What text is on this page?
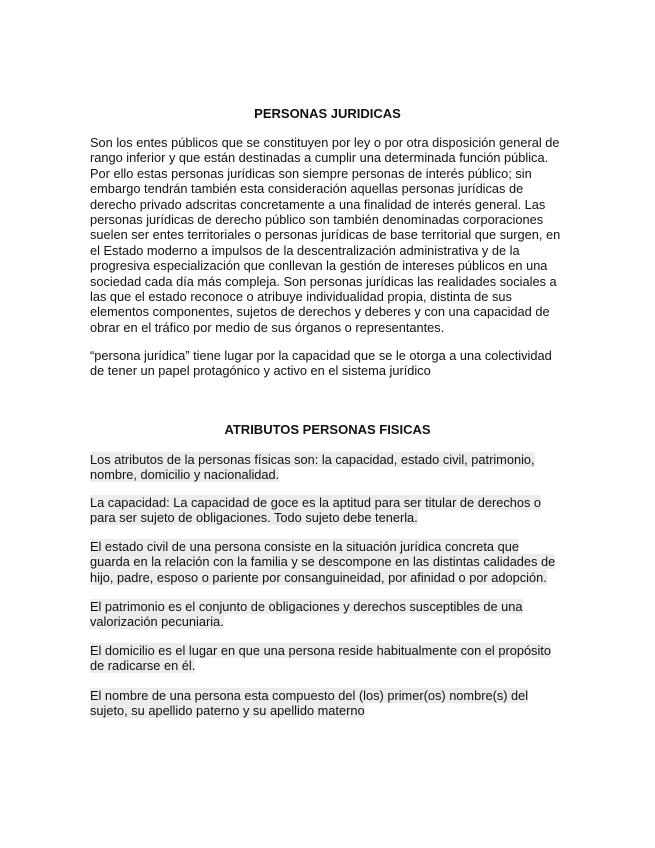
PERSONAS JURIDICAS
Son los entes públicos que se constituyen por ley o por otra disposición general de
rango inferior y que están destinadas a cumplir una determinada función pública.
Por ello estas personas jurídicas son siempre personas de interés público; sin
embargo tendrán también esta consideración aquellas personas jurídicas de
derecho privado adscritas concretamente a una finalidad de interés general. Las
personas jurídicas de derecho público son también denominadas corporaciones
suelen ser entes territoriales o personas jurídicas de base territorial que surgen, en
el Estado moderno a impulsos de la descentralización administrativa y de la
progresiva especialización que conllevan la gestión de intereses públicos en una
sociedad cada día más compleja. Son personas jurídicas las realidades sociales a
las que el estado reconoce o atribuye individualidad propia, distinta de sus
elementos componentes, sujetos de derechos y deberes y con una capacidad de
obrar en el tráfico por medio de sus órganos o representantes.
“persona jurídica” tiene lugar por la capacidad que se le otorga a una colectividad
de tener un papel protagónico y activo en el sistema jurídico
ATRIBUTOS PERSONAS FISICAS
Los atributos de la personas físicas son: la capacidad, estado civil, patrimonio,
nombre, domicilio y nacionalidad.
La capacidad: La capacidad de goce es la aptitud para ser titular de derechos o
para ser sujeto de obligaciones. Todo sujeto debe tenerla.
El estado civil de una persona consiste en la situación jurídica concreta que
guarda en la relación con la familia y se descompone en las distintas calidades de
hijo, padre, esposo o pariente por consanguineidad, por afinidad o por adopción.
El patrimonio es el conjunto de obligaciones y derechos susceptibles de una
valorización pecuniaria.
El domicilio es el lugar en que una persona reside habitualmente con el propósito
de radicarse en él.
El nombre de una persona esta compuesto del (los) primer(os) nombre(s) del
sujeto, su apellido paterno y su apellido materno
